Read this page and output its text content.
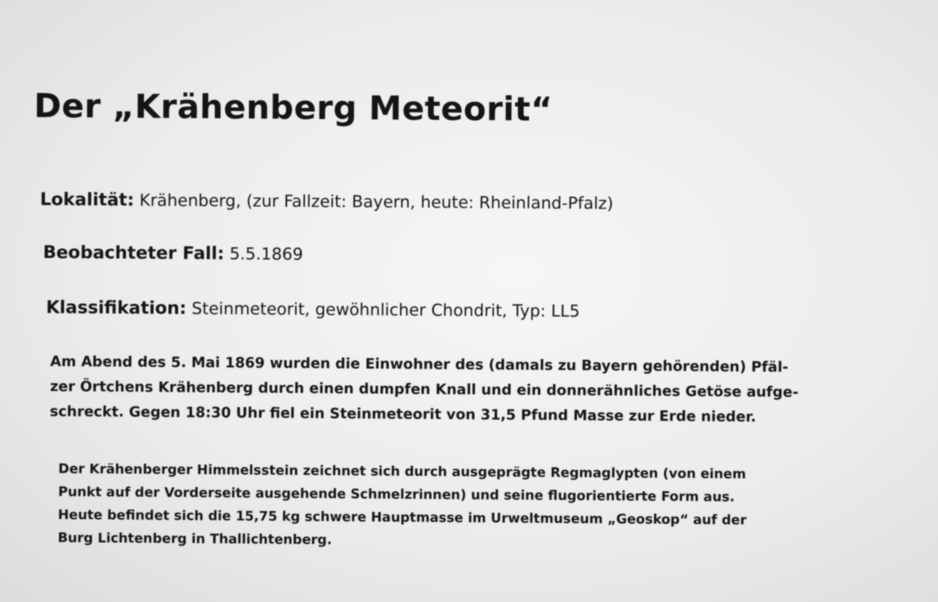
Der „Krähenberg Meteorit“

Lokalität: Krähenberg, (zur Fallzeit: Bayern, heute: Rheinland-Pfalz)

Beobachteter Fall: 5.5.1869

Klassifikation: Steinmeteorit, gewöhnlicher Chondrit, Typ: LL5

Am Abend des 5. Mai 1869 wurden die Einwohner des (damals zu Bayern gehörenden) Pfäl-
zer Örtchens Krähenberg durch einen dumpfen Knall und ein donnerähnliches Getöse aufge-
schreckt. Gegen 18:30 Uhr fiel ein Steinmeteorit von 31,5 Pfund Masse zur Erde nieder.
Der Krähenberger Himmelsstein zeichnet sich durch ausgeprägte Regmaglypten (von einem
Punkt auf der Vorderseite ausgehende Schmelzrinnen) und seine flugorientierte Form aus.
Heute befindet sich die 15,75 kg schwere Hauptmasse im Urweltmuseum „Geoskop“ auf der
Burg Lichtenberg in Thallichtenberg.
